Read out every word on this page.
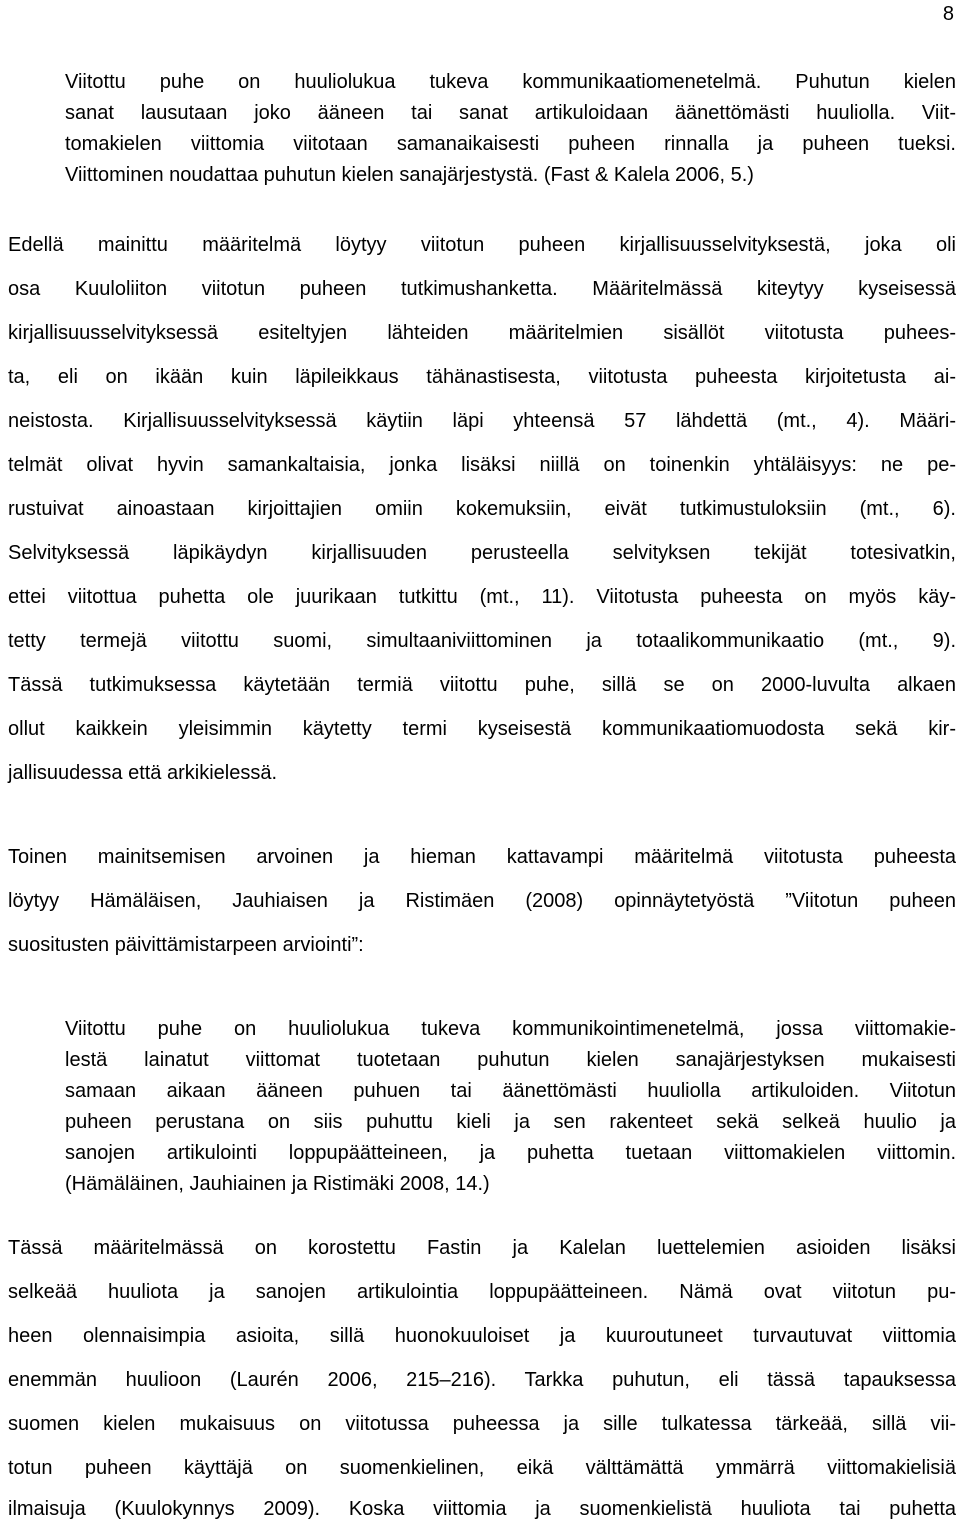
8
Viitottu puhe on huuliolukua tukeva kommunikaatiomenetelmä. Puhutun kielen
sanat lausutaan joko ääneen tai sanat artikuloidaan äänettömästi huuliolla. Viit-
tomakielen viittomia viitotaan samanaikaisesti puheen rinnalla ja puheen tueksi.
Viittominen noudattaa puhutun kielen sanajärjestystä. (Fast & Kalela 2006, 5.)
Edellä mainittu määritelmä löytyy viitotun puheen kirjallisuusselvityksestä, joka oli
osa Kuuloliiton viitotun puheen tutkimushanketta. Määritelmässä kiteytyy kyseisessä
kirjallisuusselvityksessä esiteltyjen lähteiden määritelmien sisällöt viitotusta puhees-
ta, eli on ikään kuin läpileikkaus tähänastisesta, viitotusta puheesta kirjoitetusta ai-
neistosta. Kirjallisuusselvityksessä käytiin läpi yhteensä 57 lähdettä (mt., 4). Määri-
telmät olivat hyvin samankaltaisia, jonka lisäksi niillä on toinenkin yhtäläisyys: ne pe-
rustuivat ainoastaan kirjoittajien omiin kokemuksiin, eivät tutkimustuloksiin (mt., 6).
Selvityksessä läpikäydyn kirjallisuuden perusteella selvityksen tekijät totesivatkin,
ettei viitottua puhetta ole juurikaan tutkittu (mt., 11). Viitotusta puheesta on myös käy-
tetty termejä viitottu suomi, simultaaniviittominen ja totaalikommunikaatio (mt., 9).
Tässä tutkimuksessa käytetään termiä viitottu puhe, sillä se on 2000-luvulta alkaen
ollut kaikkein yleisimmin käytetty termi kyseisestä kommunikaatiomuodosta sekä kir-
jallisuudessa että arkikielessä.
Toinen mainitsemisen arvoinen ja hieman kattavampi määritelmä viitotusta puheesta
löytyy Hämäläisen, Jauhiaisen ja Ristimäen (2008) opinnäytetyöstä ”Viitotun puheen
suositusten päivittämistarpeen arviointi”:
Viitottu puhe on huuliolukua tukeva kommunikointimenetelmä, jossa viittomakie-
lestä lainatut viittomat tuotetaan puhutun kielen sanajärjestyksen mukaisesti
samaan aikaan ääneen puhuen tai äänettömästi huuliolla artikuloiden. Viitotun
puheen perustana on siis puhuttu kieli ja sen rakenteet sekä selkeä huulio ja
sanojen artikulointi loppupäätteineen, ja puhetta tuetaan viittomakielen viittomin.
(Hämäläinen, Jauhiainen ja Ristimäki 2008, 14.)
Tässä määritelmässä on korostettu Fastin ja Kalelan luettelemien asioiden lisäksi
selkeää huuliota ja sanojen artikulointia loppupäätteineen. Nämä ovat viitotun pu-
heen olennaisimpia asioita, sillä huonokuuloiset ja kuuroutuneet turvautuvat viittomia
enemmän huulioon (Laurén 2006, 215–216). Tarkka puhutun, eli tässä tapauksessa
suomen kielen mukaisuus on viitotussa puheessa ja sille tulkatessa tärkeää, sillä vii-
totun puheen käyttäjä on suomenkielinen, eikä välttämättä ymmärrä viittomakielisiä
ilmaisuja (Kuulokynnys 2009). Koska viittomia ja suomenkielistä huuliota tai puhetta
